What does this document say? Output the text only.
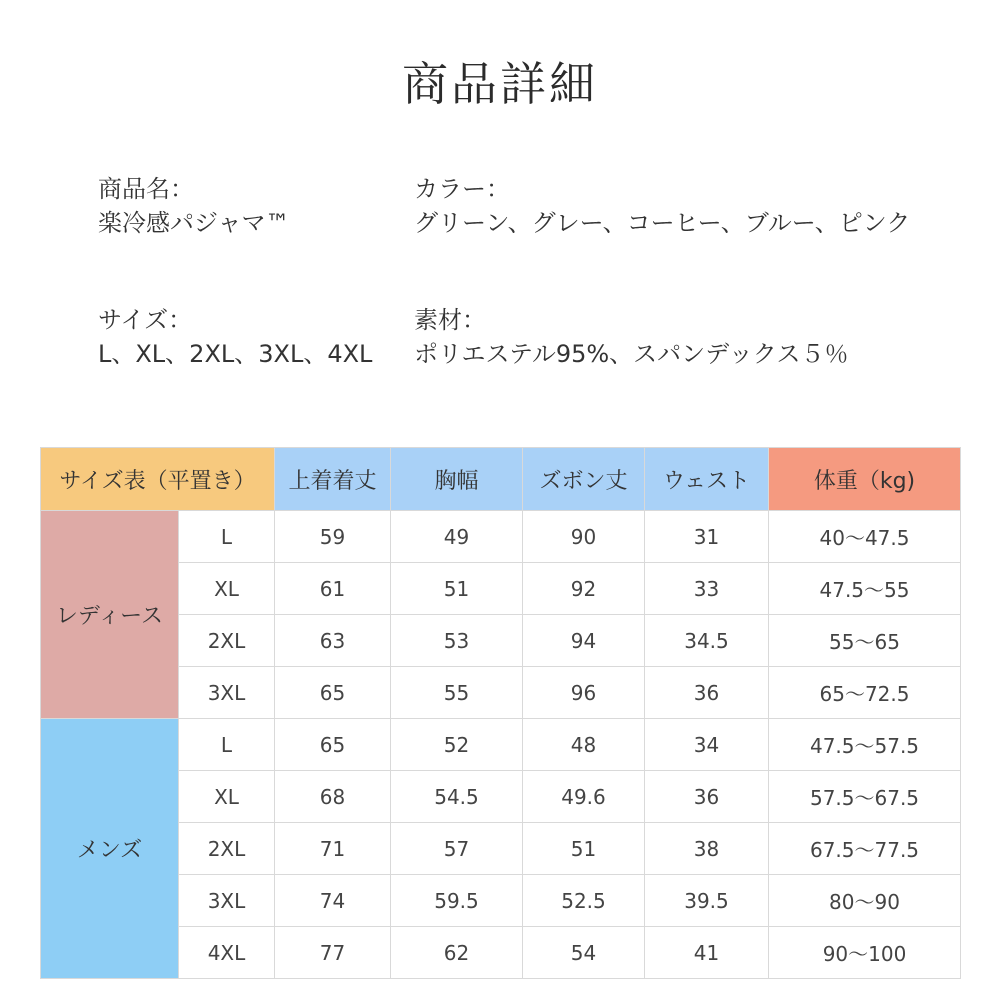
商品詳細
商品名：
楽冷感パジャマ™
カラー：
グリーン、グレー、コーヒー、ブルー、ピンク
サイズ：
L、XL、2XL、3XL、4XL
素材：
ポリエステル95%、スパンデックス５％
サイズ表（平置き）		上着着丈	胸幅	ズボン丈	ウェスト	体重（kg)
レディース	L	59	49	90	31	40～47.5
	XL	61	51	92	33	47.5～55
	2XL	63	53	94	34.5	55～65
	3XL	65	55	96	36	65～72.5
メンズ	L	65	52	48	34	47.5～57.5
	XL	68	54.5	49.6	36	57.5～67.5
	2XL	71	57	51	38	67.5～77.5
	3XL	74	59.5	52.5	39.5	80～90
	4XL	77	62	54	41	90～100
